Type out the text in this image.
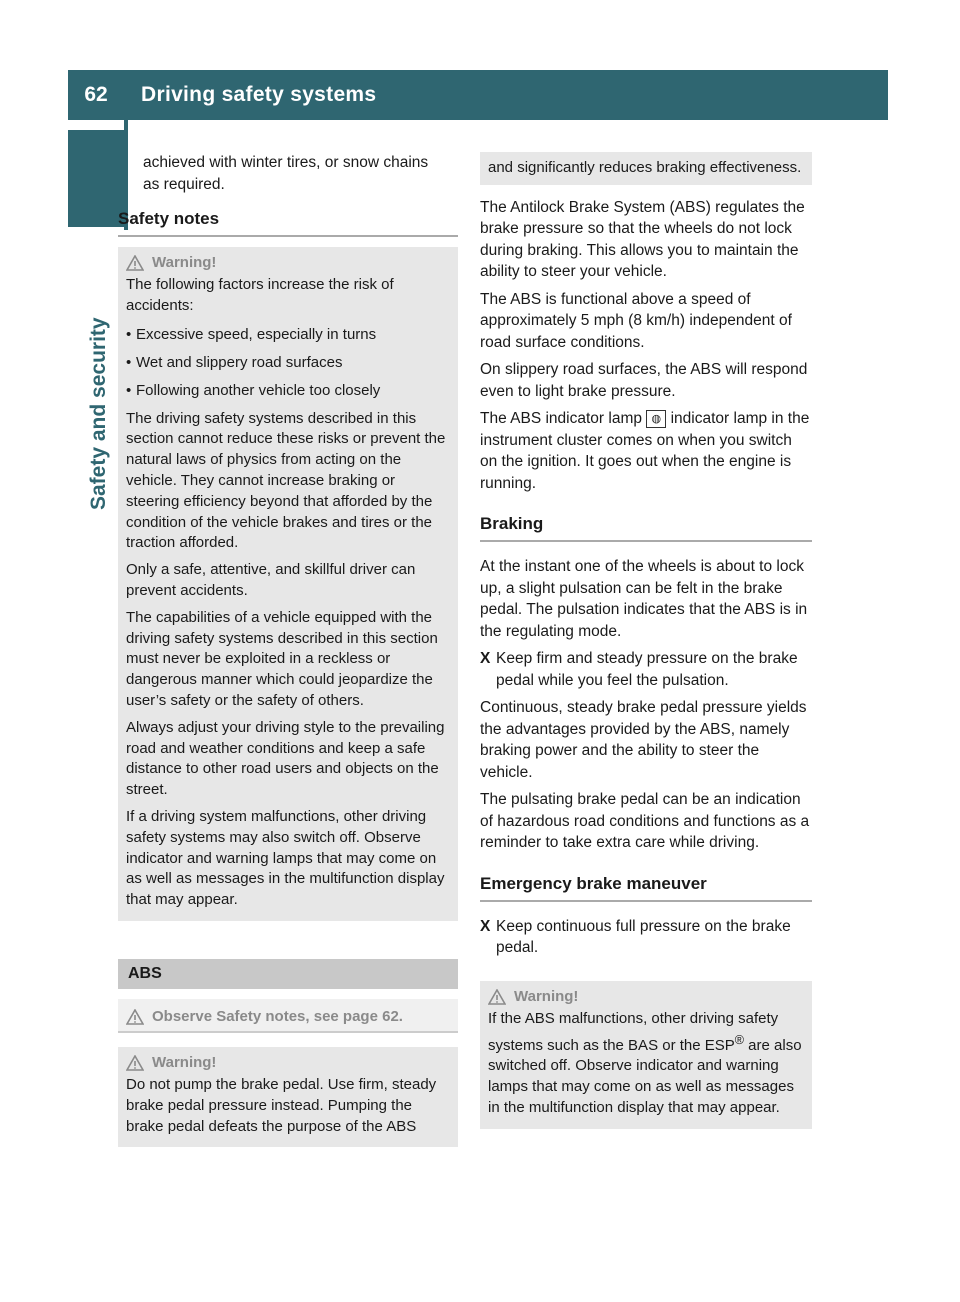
62	Driving safety systems
Safety and security

achieved with winter tires, or snow chains

as required.

Safety notes

Warning!

The following factors increase the risk of accidents:

• Excessive speed, especially in turns
• Wet and slippery road surfaces
• Following another vehicle too closely

The driving safety systems described in this section cannot reduce these risks or prevent the natural laws of physics from acting on the vehicle. They cannot increase braking or steering efficiency beyond that afforded by the condition of the vehicle brakes and tires or the traction afforded.

Only a safe, attentive, and skillful driver can prevent accidents.

The capabilities of a vehicle equipped with the driving safety systems described in this section must never be exploited in a reckless or dangerous manner which could jeopardize the user’s safety or the safety of others.

Always adjust your driving style to the prevailing road and weather conditions and keep a safe distance to other road users and objects on the street.

If a driving system malfunctions, other driving safety systems may also switch off. Observe indicator and warning lamps that may come on as well as messages in the multifunction display that may appear.

ABS
Observe Safety notes, see page 62.
Warning!

Do not pump the brake pedal. Use firm, steady brake pedal pressure instead. Pumping the brake pedal defeats the purpose of the ABS

and significantly reduces braking effectiveness.

The Antilock Brake System (ABS) regulates the brake pressure so that the wheels do not lock during braking. This allows you to maintain the ability to steer your vehicle.

The ABS is functional above a speed of approximately 5 mph (8 km/h) independent of road surface conditions.

On slippery road surfaces, the ABS will respond even to light brake pressure.

The ABS indicator lamp ◍ indicator lamp in the instrument cluster comes on when you switch on the ignition. It goes out when the engine is running.

Braking

At the instant one of the wheels is about to lock up, a slight pulsation can be felt in the brake pedal. The pulsation indicates that the ABS is in the regulating mode.

X Keep firm and steady pressure on the brake pedal while you feel the pulsation.

Continuous, steady brake pedal pressure yields the advantages provided by the ABS, namely braking power and the ability to steer the vehicle.

The pulsating brake pedal can be an indication of hazardous road conditions and functions as a reminder to take extra care while driving.

Emergency brake maneuver

X Keep continuous full pressure on the brake pedal.
Warning!

If the ABS malfunctions, other driving safety systems such as the BAS or the ESP® are also switched off. Observe indicator and warning lamps that may come on as well as messages in the multifunction display that may appear.
